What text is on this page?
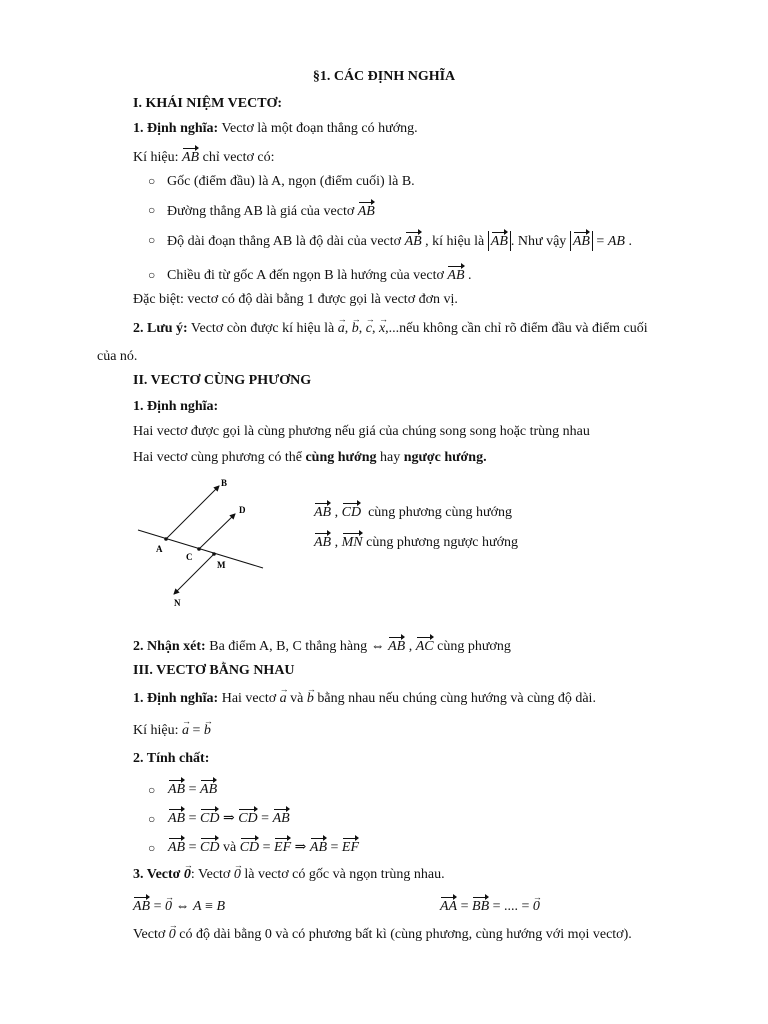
§1. CÁC ĐỊNH NGHĨA
I. KHÁI NIỆM VECTƠ:
1. Định nghĩa: Vectơ là một đoạn thẳng có hướng.
Kí hiệu: AB chỉ vectơ có:
○ Gốc (điểm đầu) là A, ngọn (điểm cuối) là B.
○ Đường thẳng AB là giá của vectơ AB
○ Độ dài đoạn thẳng AB là độ dài của vectơ AB , kí hiệu là AB . Như vậy AB = AB .
○ Chiều đi từ gốc A đến ngọn B là hướng của vectơ AB .
Đặc biệt: vectơ có độ dài bằng 1 được gọi là vectơ đơn vị.
2. Lưu ý: Vectơ còn được kí hiệu là → a, → b, → c, → x,...nếu không cần chỉ rõ điểm đầu và điểm cuối
của nó.
II. VECTƠ CÙNG PHƯƠNG
1. Định nghĩa:
Hai vectơ được gọi là cùng phương nếu giá của chúng song song hoặc trùng nhau
Hai vectơ cùng phương có thể cùng hướng hay ngược hướng.
B
D
A
C
M
N
AB , CD cùng phương cùng hướng
AB , MN cùng phương ngược hướng
2. Nhận xét: Ba điểm A, B, C thẳng hàng ⇔ AB , AC cùng phương
III. VECTƠ BẰNG NHAU
1. Định nghĩa: Hai vectơ → a và → b bằng nhau nếu chúng cùng hướng và cùng độ dài.
Kí hiệu: → a = → b
2. Tính chất:
○ AB = AB
○ AB = CD ⇒ CD = AB
○ AB = CD và CD = EF ⇒ AB = EF
3. Vectơ → 0: Vectơ → 0 là vectơ có gốc và ngọn trùng nhau.
AB = → 0 ⇔ A ≡ B	AA = BB = .... = → 0
Vectơ → 0 có độ dài bằng 0 và có phương bất kì (cùng phương, cùng hướng với mọi vectơ).
